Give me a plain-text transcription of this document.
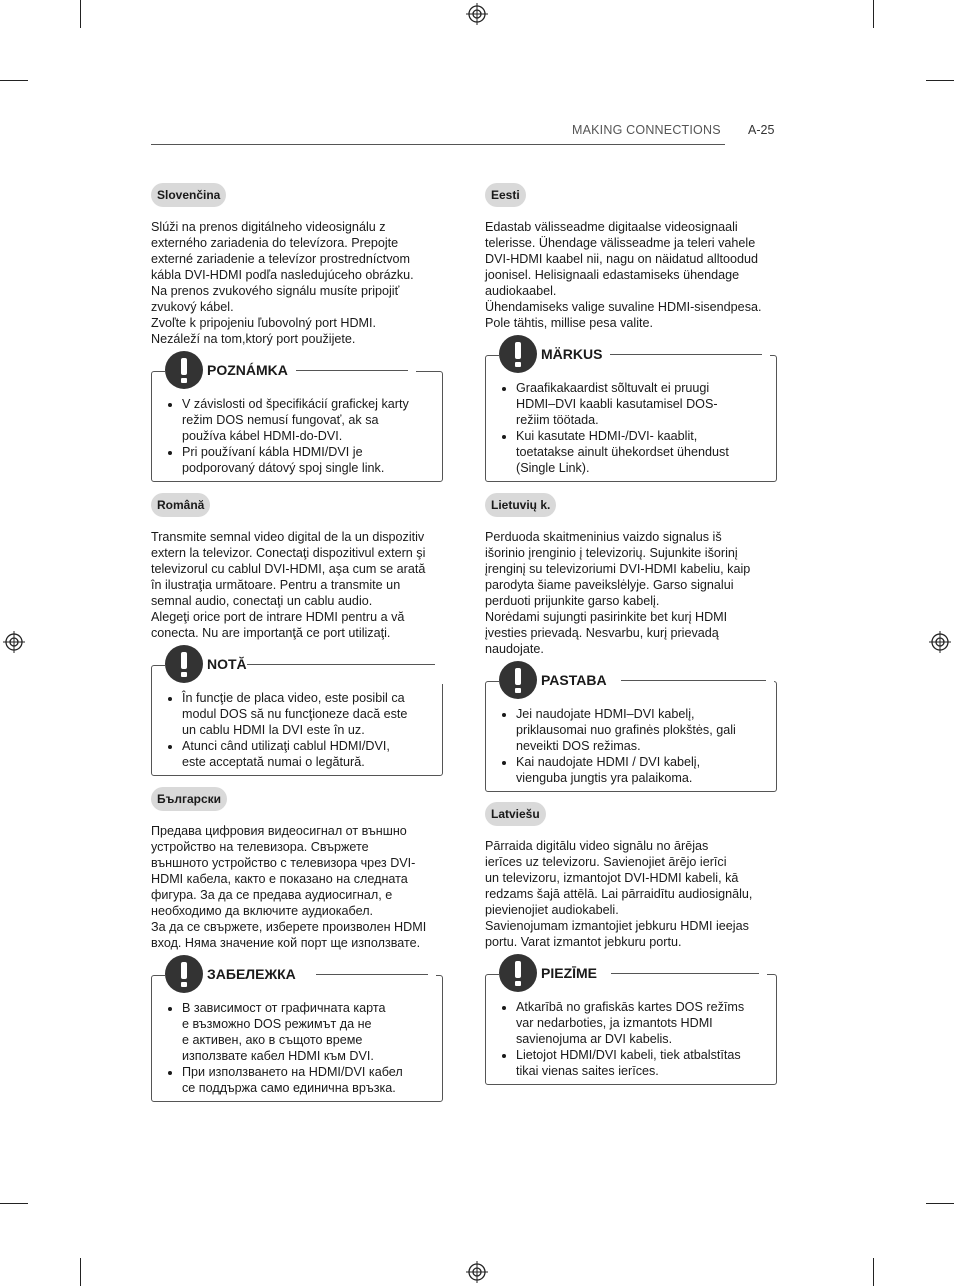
MAKING CONNECTIONS A-25
Slovenčina

Slúži na prenos digitálneho videosignálu z
externého zariadenia do televízora. Prepojte
externé zariadenie a televízor prostredníctvom
kábla DVI-HDMI podľa nasledujúceho obrázku.
Na prenos zvukového signálu musíte pripojiť
zvukový kábel.
Zvoľte k pripojeniu ľubovolný port HDMI.
Nezáleží na tom,ktorý port použijete.

POZNÁMKA
• V závislosti od špecifikácií grafickej karty
režim DOS nemusí fungovať, ak sa
používa kábel HDMI-do-DVI.
• Pri používaní kábla HDMI/DVI je
podporovaný dátový spoj single link.
Română

Transmite semnal video digital de la un dispozitiv
extern la televizor. Conectaţi dispozitivul extern şi
televizorul cu cablul DVI-HDMI, aşa cum se arată
în ilustraţia următoare. Pentru a transmite un
semnal audio, conectaţi un cablu audio.
Alegeţi orice port de intrare HDMI pentru a vă
conecta. Nu are importanţă ce port utilizaţi.

NOTĂ
• În funcţie de placa video, este posibil ca
modul DOS să nu funcţioneze dacă este
un cablu HDMI la DVI este în uz.
• Atunci când utilizaţi cablul HDMI/DVI,
este acceptată numai o legătură.
Български

Предава цифровия видеосигнал от външно
устройство на телевизора. Свържете
външното устройство с телевизора чрез DVI-
HDMI кабела, както е показано на следната
фигура. За да се предава аудиосигнал, е
необходимо да включите аудиокабел.
За да се свържете, изберете произволен HDMI
вход. Няма значение кой порт ще използвате.

ЗАБЕЛЕЖКА
• В зависимост от графичната карта
е възможно DOS режимът да не
е активен, ако в същото време
използвате кабел HDMI към DVI.
• При използването на HDMI/DVI кабел
се поддържа само единична връзка.
Eesti

Edastab välisseadme digitaalse videosignaali
telerisse. Ühendage välisseadme ja teleri vahele
DVI-HDMI kaabel nii, nagu on näidatud alltoodud
joonisel. Helisignaali edastamiseks ühendage
audiokaabel.
Ühendamiseks valige suvaline HDMI-sisendpesa.
Pole tähtis, millise pesa valite.

MÄRKUS
• Graafikakaardist sõltuvalt ei pruugi
HDMI–DVI kaabli kasutamisel DOS-
režiim töötada.
• Kui kasutate HDMI-/DVI- kaablit,
toetatakse ainult ühekordset ühendust
(Single Link).
Lietuvių k.

Perduoda skaitmeninius vaizdo signalus iš
išorinio įrenginio į televizorių. Sujunkite išorinį
įrenginį su televizoriumi DVI-HDMI kabeliu, kaip
parodyta šiame paveikslėlyje. Garso signalui
perduoti prijunkite garso kabelį.
Norėdami sujungti pasirinkite bet kurį HDMI
įvesties prievadą. Nesvarbu, kurį prievadą
naudojate.

PASTABA
• Jei naudojate HDMI–DVI kabelį,
priklausomai nuo grafinės plokštės, gali
neveikti DOS režimas.
• Kai naudojate HDMI / DVI kabelį,
vienguba jungtis yra palaikoma.
Latviešu

Pārraida digitālu video signālu no ārējas
ierīces uz televizoru. Savienojiet ārējo ierīci
un televizoru, izmantojot DVI-HDMI kabeli, kā
redzams šajā attēlā. Lai pārraidītu audiosignālu,
pievienojiet audiokabeli.
Savienojumam izmantojiet jebkuru HDMI ieejas
portu. Varat izmantot jebkuru portu.

PIEZĪME
• Atkarībā no grafiskās kartes DOS režīms
var nedarboties, ja izmantots HDMI
savienojuma ar DVI kabelis.
• Lietojot HDMI/DVI kabeli, tiek atbalstītas
tikai vienas saites ierīces.
